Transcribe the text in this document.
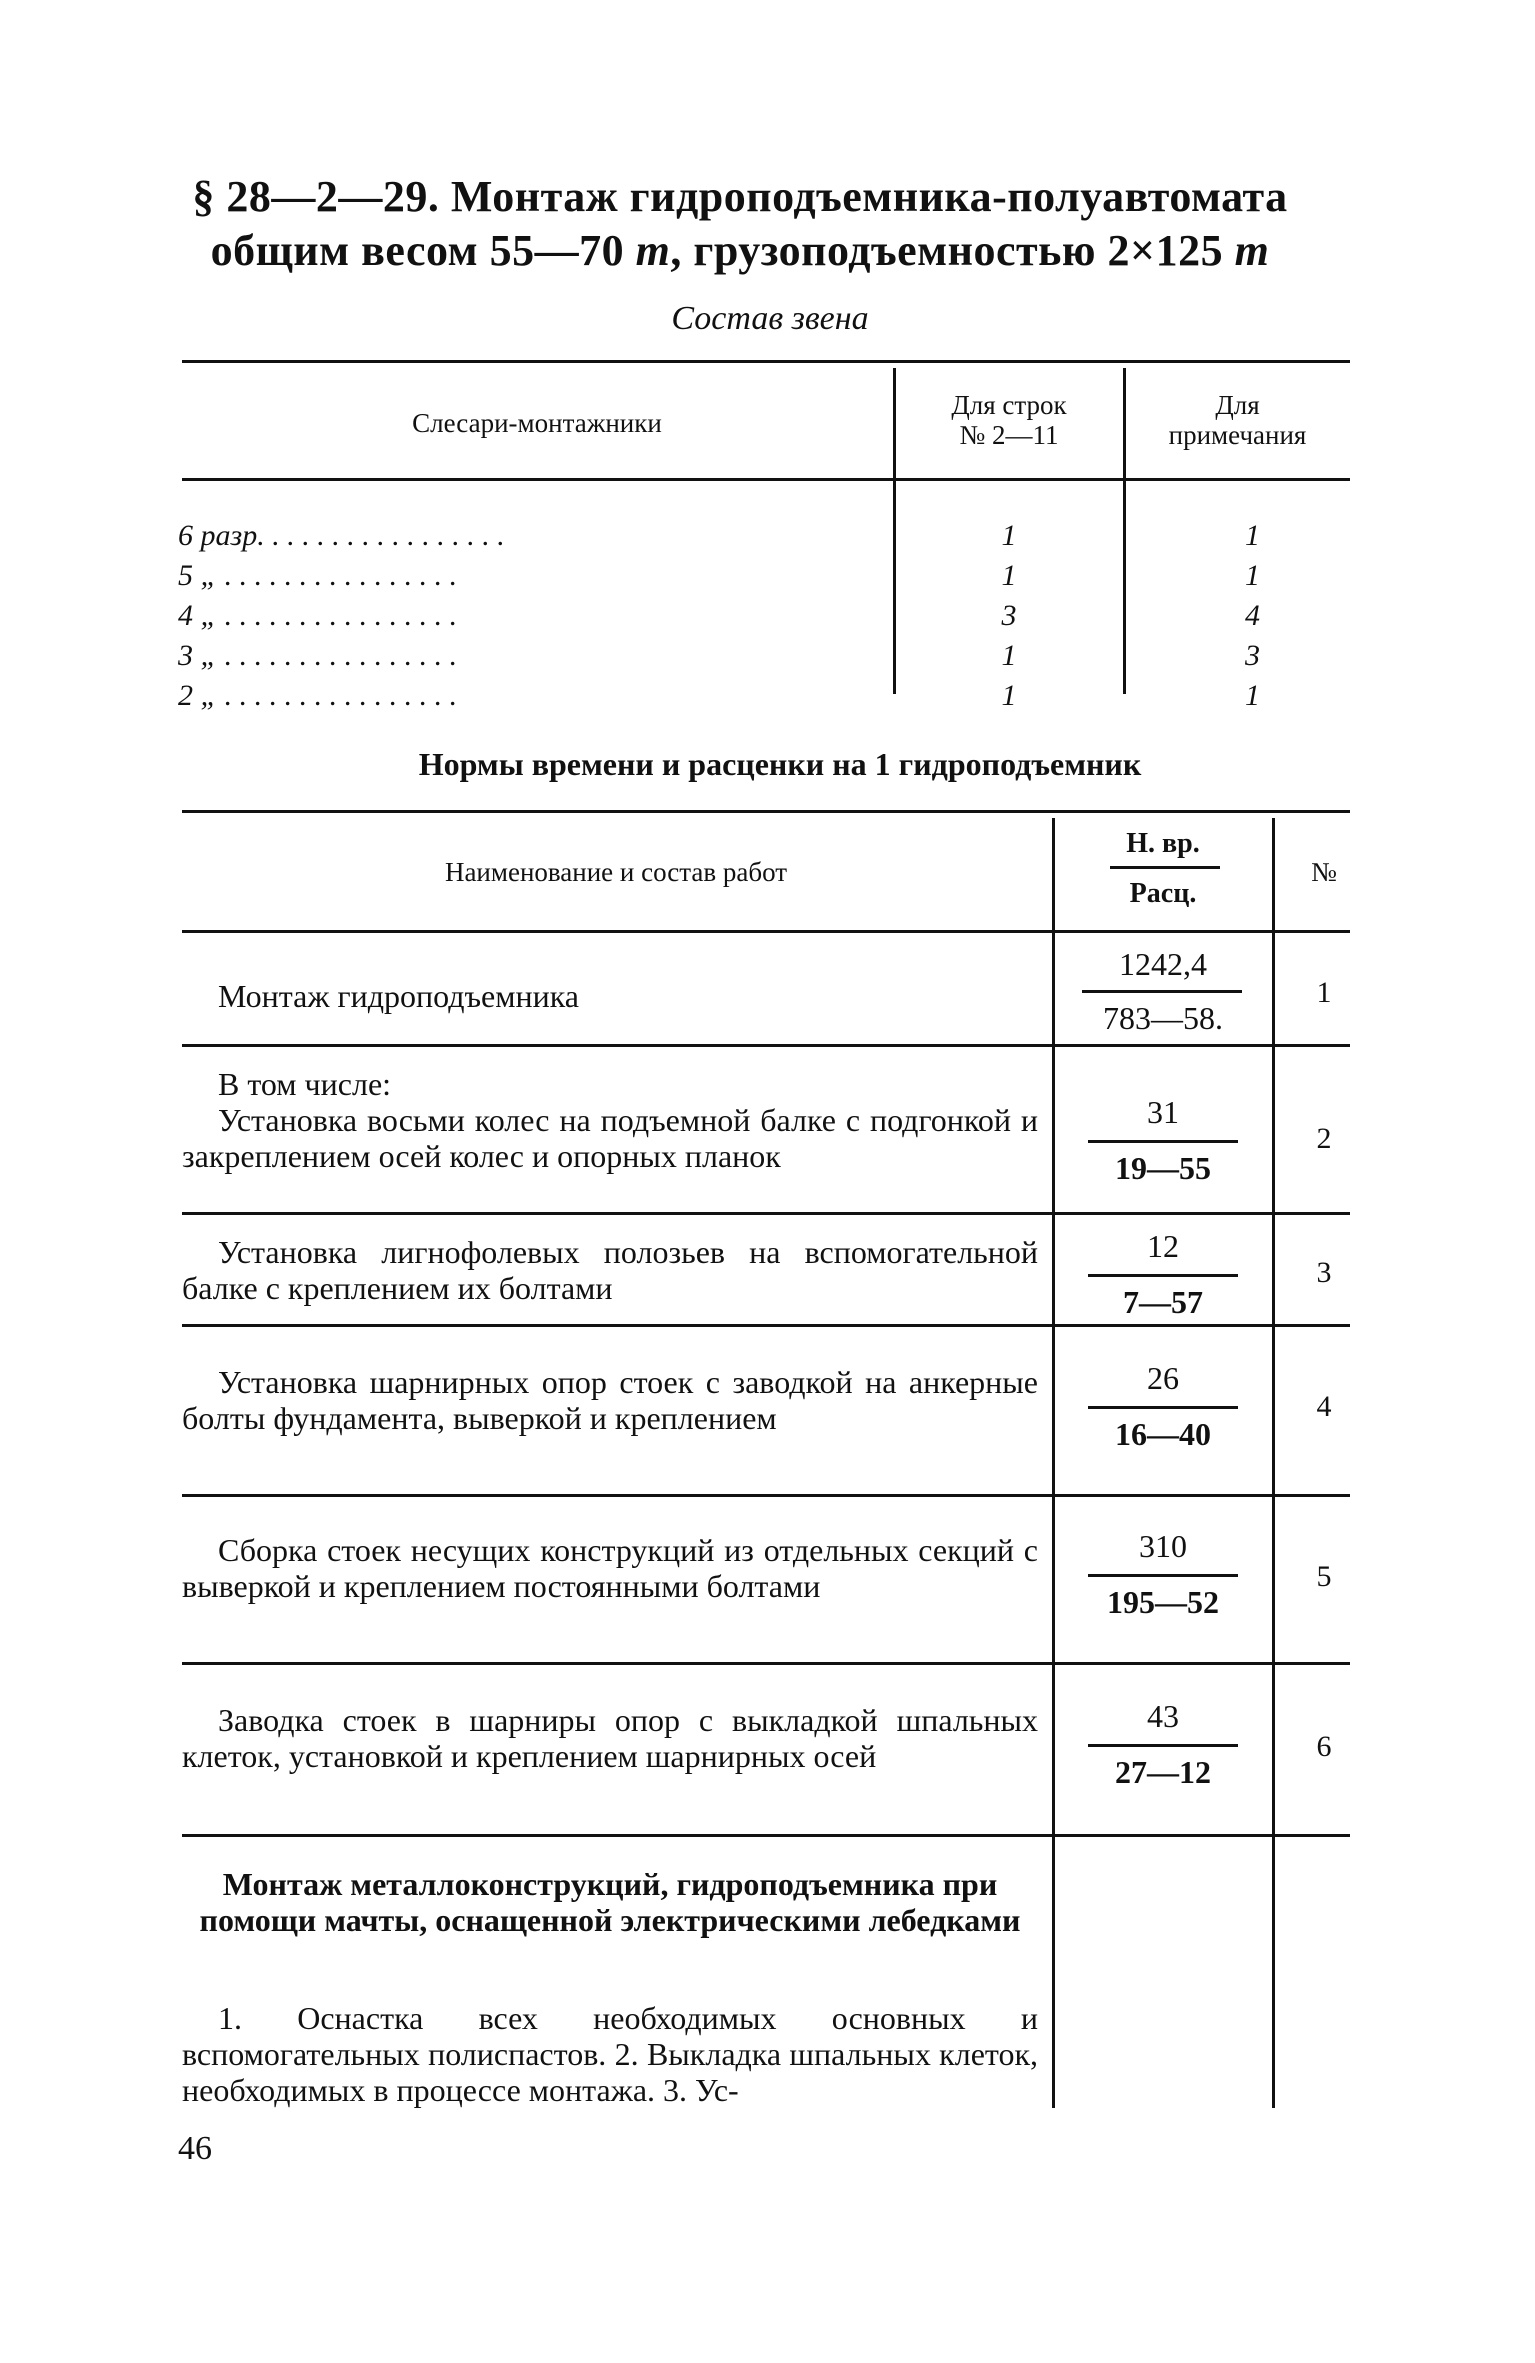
§ 28—2—29. Монтаж гидроподъемника-полуавтомата
общим весом 55—70 т, грузоподъемностью 2×125 т
Состав звена
Слесари-монтажники
Для строк
№ 2—11
Для
примечания
6 разр. . . . . . . . . . . . . . . . .
5 „ . . . . . . . . . . . . . . . .
4 „ . . . . . . . . . . . . . . . .
3 „ . . . . . . . . . . . . . . . .
2 „ . . . . . . . . . . . . . . . .
1
1
3
1
1
1
1
4
3
1
Нормы времени и расценки на 1 гидроподъемник
Наименование и состав работ
Н. вр.
Расц.
№
Монтаж гидроподъемника
1242,4
783—58.
1
В том числе:
Установка восьми колес на подъемной балке с подгонкой и закреплением осей колес и опорных планок
31
19—55
2
Установка лигнофолевых полозьев на вспомогательной балке с креплением их болтами
12
7—57
3
Установка шарнирных опор стоек с заводкой на анкерные болты фундамента, выверкой и креплением
26
16—40
4
Сборка стоек несущих конструкций из отдельных секций с выверкой и креплением постоянными болтами
310
195—52
5
Заводка стоек в шарниры опор с выкладкой шпальных клеток, установкой и креплением шарнирных осей
43
27—12
6
Монтаж металлоконструкций, гидроподъемника при помощи мачты, оснащенной электрическими лебедками
1. Оснастка всех необходимых основных и вспомогательных полиспастов. 2. Выкладка шпальных клеток, необходимых в процессе монтажа. 3. Ус-
46
